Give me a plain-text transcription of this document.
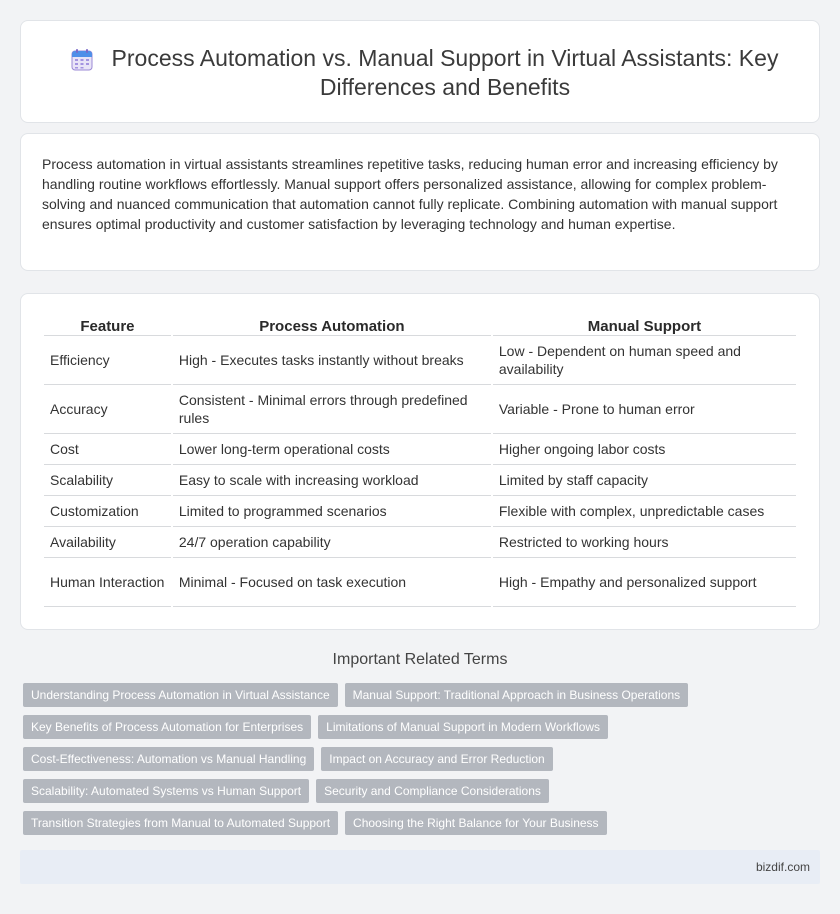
Process Automation vs. Manual Support in Virtual Assistants: Key Differences and Benefits

Process automation in virtual assistants streamlines repetitive tasks, reducing human error and increasing efficiency by handling routine workflows effortlessly. Manual support offers personalized assistance, allowing for complex problem-solving and nuanced communication that automation cannot fully replicate. Combining automation with manual support ensures optimal productivity and customer satisfaction by leveraging technology and human expertise.

Feature	Process Automation	Manual Support
Efficiency	High - Executes tasks instantly without breaks	Low - Dependent on human speed and availability
Accuracy	Consistent - Minimal errors through predefined rules	Variable - Prone to human error
Cost	Lower long-term operational costs	Higher ongoing labor costs
Scalability	Easy to scale with increasing workload	Limited by staff capacity
Customization	Limited to programmed scenarios	Flexible with complex, unpredictable cases
Availability	24/7 operation capability	Restricted to working hours
Human Interaction	Minimal - Focused on task execution	High - Empathy and personalized support
Important Related Terms
Understanding Process Automation in Virtual Assistance	Manual Support: Traditional Approach in Business Operations
Key Benefits of Process Automation for Enterprises	Limitations of Manual Support in Modern Workflows
Cost-Effectiveness: Automation vs Manual Handling	Impact on Accuracy and Error Reduction
Scalability: Automated Systems vs Human Support	Security and Compliance Considerations
Transition Strategies from Manual to Automated Support	Choosing the Right Balance for Your Business
bizdif.com
